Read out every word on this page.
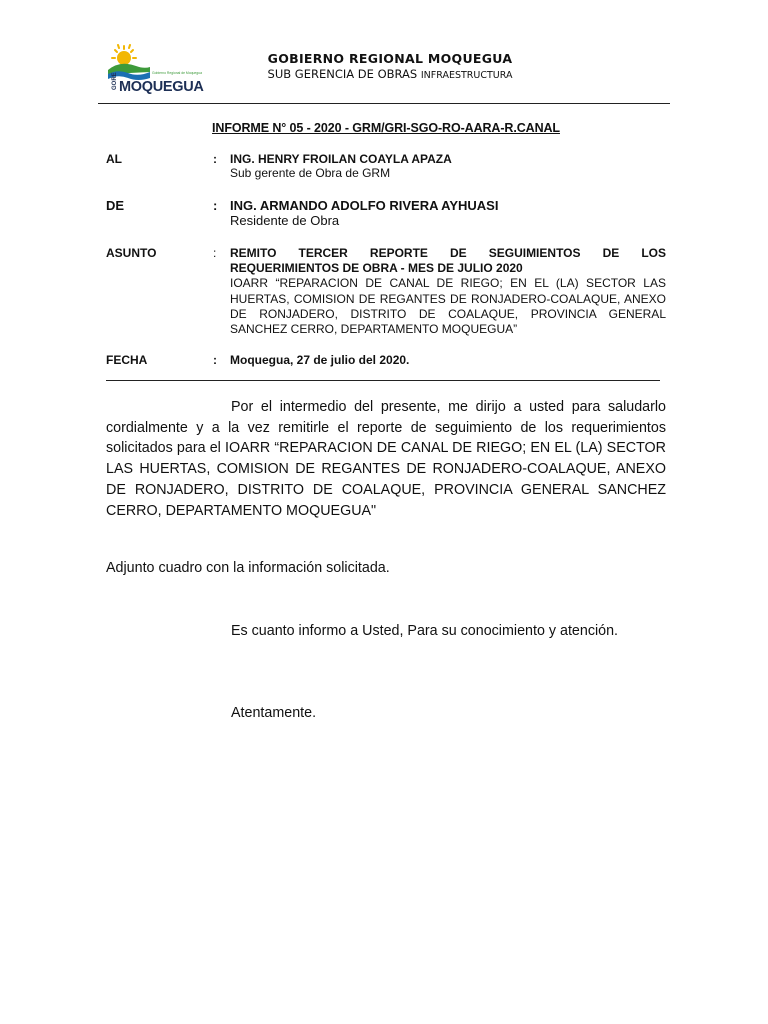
GORE MOQUEGUA
Gobierno Regional de Moquegua
GOBIERNO REGIONAL MOQUEGUA
SUB GERENCIA DE OBRAS INFRAESTRUCTURA
INFORME N° 05 - 2020 - GRM/GRI-SGO-RO-AARA-R.CANAL
AL	: ING. HENRY FROILAN COAYLA APAZA
Sub gerente de Obra de GRM
DE	: ING. ARMANDO ADOLFO RIVERA AYHUASI
Residente de Obra
ASUNTO	: REMITO TERCER REPORTE DE SEGUIMIENTOS DE LOS REQUERIMIENTOS DE OBRA - MES DE JULIO 2020
IOARR “REPARACION DE CANAL DE RIEGO; EN EL (LA) SECTOR LAS HUERTAS, COMISION DE REGANTES DE RONJADERO-COALAQUE, ANEXO DE RONJADERO, DISTRITO DE COALAQUE, PROVINCIA GENERAL SANCHEZ CERRO, DEPARTAMENTO MOQUEGUA”
FECHA	: Moquegua, 27 de julio del 2020.
Por el intermedio del presente, me dirijo a usted para saludarlo cordialmente y a la vez remitirle el reporte de seguimiento de los requerimientos solicitados para el IOARR “REPARACION DE CANAL DE RIEGO; EN EL (LA) SECTOR LAS HUERTAS, COMISION DE REGANTES DE RONJADERO-COALAQUE, ANEXO DE RONJADERO, DISTRITO DE COALAQUE, PROVINCIA GENERAL SANCHEZ CERRO, DEPARTAMENTO MOQUEGUA"
Adjunto cuadro con la información solicitada.
Es cuanto informo a Usted, Para su conocimiento y atención.
Atentamente.
